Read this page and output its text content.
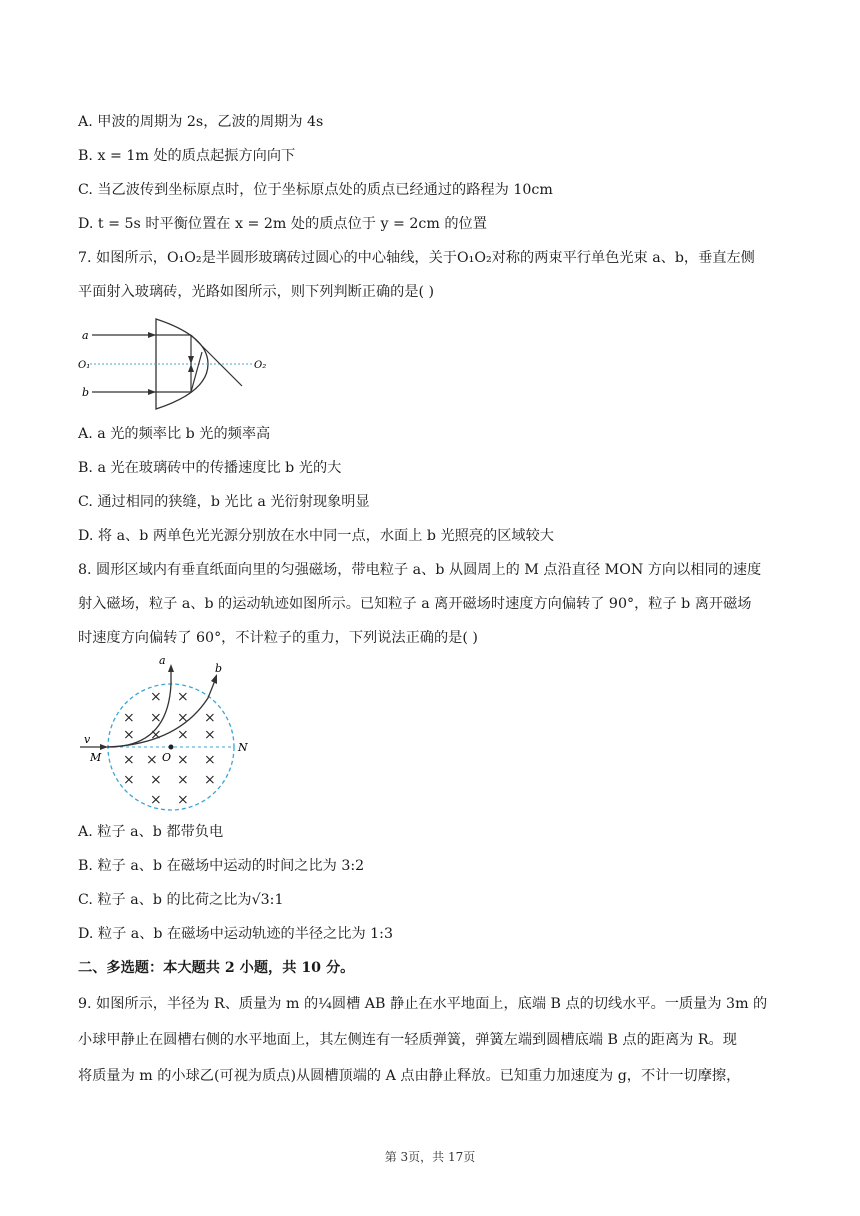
A. 甲波的周期为 2s，乙波的周期为 4s
B. x = 1m 处的质点起振方向向下
C. 当乙波传到坐标原点时，位于坐标原点处的质点已经通过的路程为 10cm
D. t = 5s 时平衡位置在 x = 2m 处的质点位于 y = 2cm 的位置
7. 如图所示，O₁O₂是半圆形玻璃砖过圆心的中心轴线，关于O₁O₂对称的两束平行单色光束 a、b，垂直左侧
平面射入玻璃砖，光路如图所示，则下列判断正确的是( )
a
b
O₁	O₂
A. a 光的频率比 b 光的频率高
B. a 光在玻璃砖中的传播速度比 b 光的大
C. 通过相同的狭缝，b 光比 a 光衍射现象明显
D. 将 a、b 两单色光光源分别放在水中同一点，水面上 b 光照亮的区域较大
8. 圆形区域内有垂直纸面向里的匀强磁场，带电粒子 a、b 从圆周上的 M 点沿直径 MON 方向以相同的速度
射入磁场，粒子 a、b 的运动轨迹如图所示。已知粒子 a 离开磁场时速度方向偏转了 90°，粒子 b 离开磁场
时速度方向偏转了 60°，不计粒子的重力，下列说法正确的是( )
× ×
× × × ×
× × × ×
× × × ×
× × × ×
× ×
a
b
v
M	O
N
A. 粒子 a、b 都带负电
B. 粒子 a、b 在磁场中运动的时间之比为 3:2
C. 粒子 a、b 的比荷之比为√3:1
D. 粒子 a、b 在磁场中运动轨迹的半径之比为 1:3
二、多选题：本大题共 2 小题，共 10 分。
9. 如图所示，半径为 R、质量为 m 的¼圆槽 AB 静止在水平地面上，底端 B 点的切线水平。一质量为 3m 的
小球甲静止在圆槽右侧的水平地面上，其左侧连有一轻质弹簧，弹簧左端到圆槽底端 B 点的距离为 R。现
将质量为 m 的小球乙(可视为质点)从圆槽顶端的 A 点由静止释放。已知重力加速度为 g，不计一切摩擦，
第 3页，共 17页
